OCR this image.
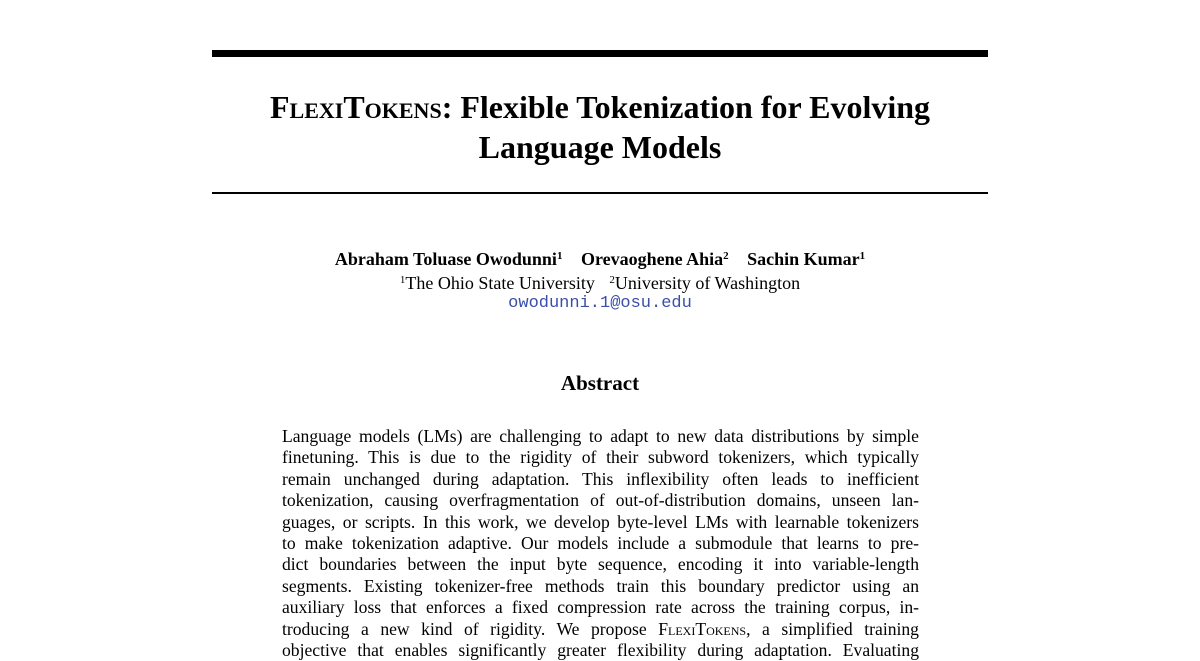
FlexiTokens: Flexible Tokenization for Evolving
Language Models
Abraham Toluase Owodunni$^1$ Orevaoghene Ahia$^2$ Sachin Kumar$^1$
$^1$The Ohio State University $^2$University of Washington
owodunni.1@osu.edu
Abstract
Language models (LMs) are challenging to adapt to new data distributions by simple
finetuning. This is due to the rigidity of their subword tokenizers, which typically
remain unchanged during adaptation. This inflexibility often leads to inefficient
tokenization, causing overfragmentation of out-of-distribution domains, unseen lan-
guages, or scripts. In this work, we develop byte-level LMs with learnable tokenizers
to make tokenization adaptive. Our models include a submodule that learns to pre-
dict boundaries between the input byte sequence, encoding it into variable-length
segments. Existing tokenizer-free methods train this boundary predictor using an
auxiliary loss that enforces a fixed compression rate across the training corpus, in-
troducing a new kind of rigidity. We propose FlexiTokens, a simplified training
objective that enables significantly greater flexibility during adaptation. Evaluating
